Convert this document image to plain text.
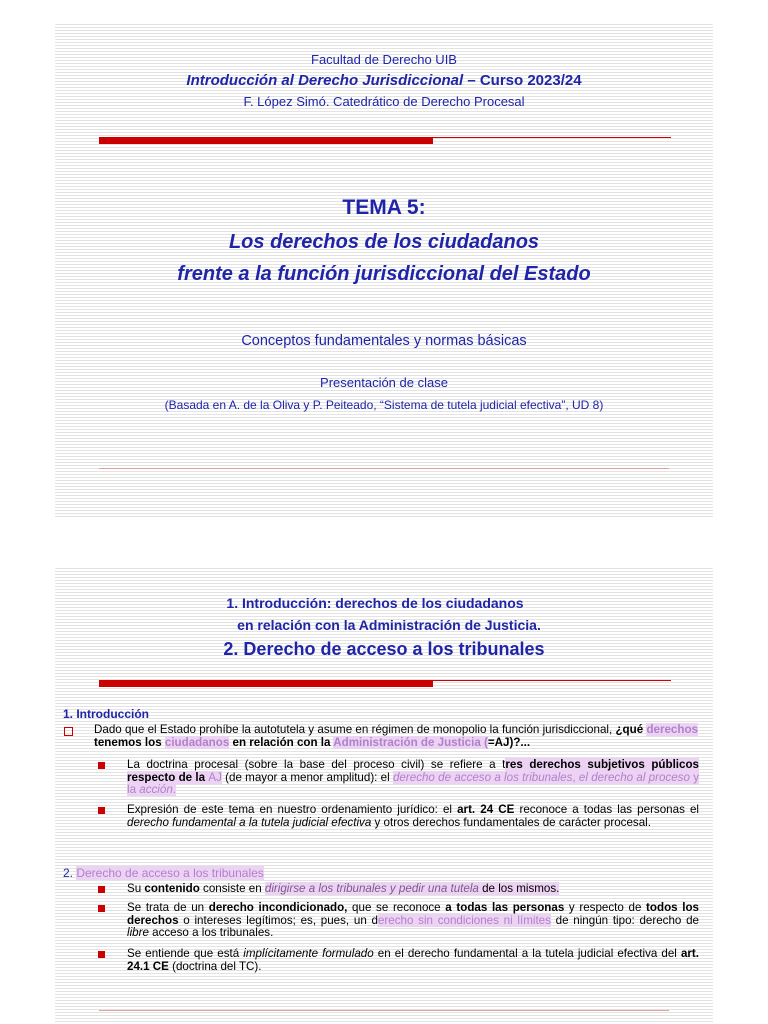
Facultad de Derecho UIB
Introducción al Derecho Jurisdiccional – Curso 2023/24
F. López Simó. Catedrático de Derecho Procesal
TEMA 5:
Los derechos de los ciudadanos
frente a la función jurisdiccional del Estado
Conceptos fundamentales y normas básicas
Presentación de clase
(Basada en A. de la Oliva y P. Peiteado, “Sistema de tutela judicial efectiva”, UD 8)
1. Introducción: derechos de los ciudadanos
en relación con la Administración de Justicia.
2. Derecho de acceso a los tribunales
1. Introducción
Dado que el Estado prohíbe la autotutela y asume en régimen de monopolio la función jurisdiccional, ¿qué derechos tenemos los ciudadanos en relación con la Administración de Justicia (=AJ)?...
La doctrina procesal (sobre la base del proceso civil) se refiere a tres derechos subjetivos públicos respecto de la AJ (de mayor a menor amplitud): el derecho de acceso a los tribunales, el derecho al proceso y la acción.
Expresión de este tema en nuestro ordenamiento jurídico: el art. 24 CE reconoce a todas las personas el derecho fundamental a la tutela judicial efectiva y otros derechos fundamentales de carácter procesal.
2. Derecho de acceso a los tribunales
Su contenido consiste en dirigirse a los tribunales y pedir una tutela de los mismos.
Se trata de un derecho incondicionado, que se reconoce a todas las personas y respecto de todos los derechos o intereses legítimos; es, pues, un derecho sin condiciones ni límites de ningún tipo: derecho de libre acceso a los tribunales.
Se entiende que está implícitamente formulado en el derecho fundamental a la tutela judicial efectiva del art. 24.1 CE (doctrina del TC).
